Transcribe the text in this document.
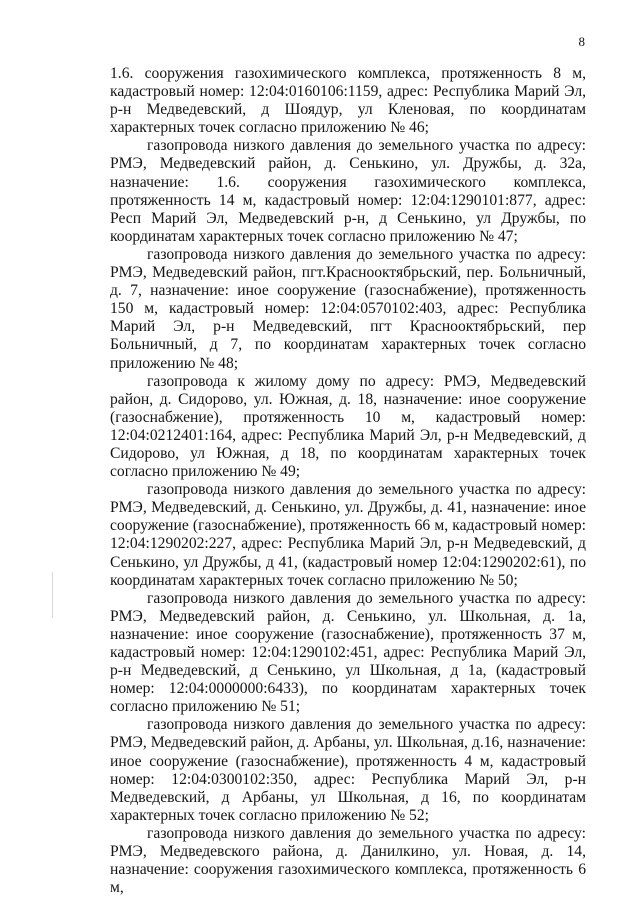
8

1.6. сооружения газохимического комплекса, протяженность 8 м, кадастровый номер: 12:04:0160106:1159, адрес: Республика Марий Эл, р-н Медведевский, д Шоядур, ул Кленовая, по координатам характерных точек согласно приложению № 46;

газопровода низкого давления до земельного участка по адресу: РМЭ, Медведевский район, д. Сенькино, ул. Дружбы, д. 32а, назначение: 1.6. сооружения газохимического комплекса, протяженность 14 м, кадастровый номер: 12:04:1290101:877, адрес: Респ Марий Эл, Медведевский р-н, д Сенькино, ул Дружбы, по координатам характерных точек согласно приложению № 47;

газопровода низкого давления до земельного участка по адресу: РМЭ, Медведевский район, пгт.Краснооктябрьский, пер. Больничный, д. 7, назначение: иное сооружение (газоснабжение), протяженность 150 м, кадастровый номер: 12:04:0570102:403, адрес: Республика Марий Эл, р-н Медведевский, пгт Краснооктябрьский, пер Больничный, д 7, по координатам характерных точек согласно приложению № 48;

газопровода к жилому дому по адресу: РМЭ, Медведевский район, д. Сидорово, ул. Южная, д. 18, назначение: иное сооружение (газоснабжение), протяженность 10 м, кадастровый номер: 12:04:0212401:164, адрес: Республика Марий Эл, р-н Медведевский, д Сидорово, ул Южная, д 18, по координатам характерных точек согласно приложению № 49;

газопровода низкого давления до земельного участка по адресу: РМЭ, Медведевский, д. Сенькино, ул. Дружбы, д. 41, назначение: иное сооружение (газоснабжение), протяженность 66 м, кадастровый номер: 12:04:1290202:227, адрес: Республика Марий Эл, р-н Медведевский, д Сенькино, ул Дружбы, д 41, (кадастровый номер 12:04:1290202:61), по координатам характерных точек согласно приложению № 50;

газопровода низкого давления до земельного участка по адресу: РМЭ, Медведевский район, д. Сенькино, ул. Школьная, д. 1а, назначение: иное сооружение (газоснабжение), протяженность 37 м, кадастровый номер: 12:04:1290102:451, адрес: Республика Марий Эл, р-н Медведевский, д Сенькино, ул Школьная, д 1а, (кадастровый номер: 12:04:0000000:6433), по координатам характерных точек согласно приложению № 51;

газопровода низкого давления до земельного участка по адресу: РМЭ, Медведевский район, д. Арбаны, ул. Школьная, д.16, назначение: иное сооружение (газоснабжение), протяженность 4 м, кадастровый номер: 12:04:0300102:350, адрес: Республика Марий Эл, р-н Медведевский, д Арбаны, ул Школьная, д 16, по координатам характерных точек согласно приложению № 52;

газопровода низкого давления до земельного участка по адресу: РМЭ, Медведевского района, д. Данилкино, ул. Новая, д. 14, назначение: сооружения газохимического комплекса, протяженность 6 м,
